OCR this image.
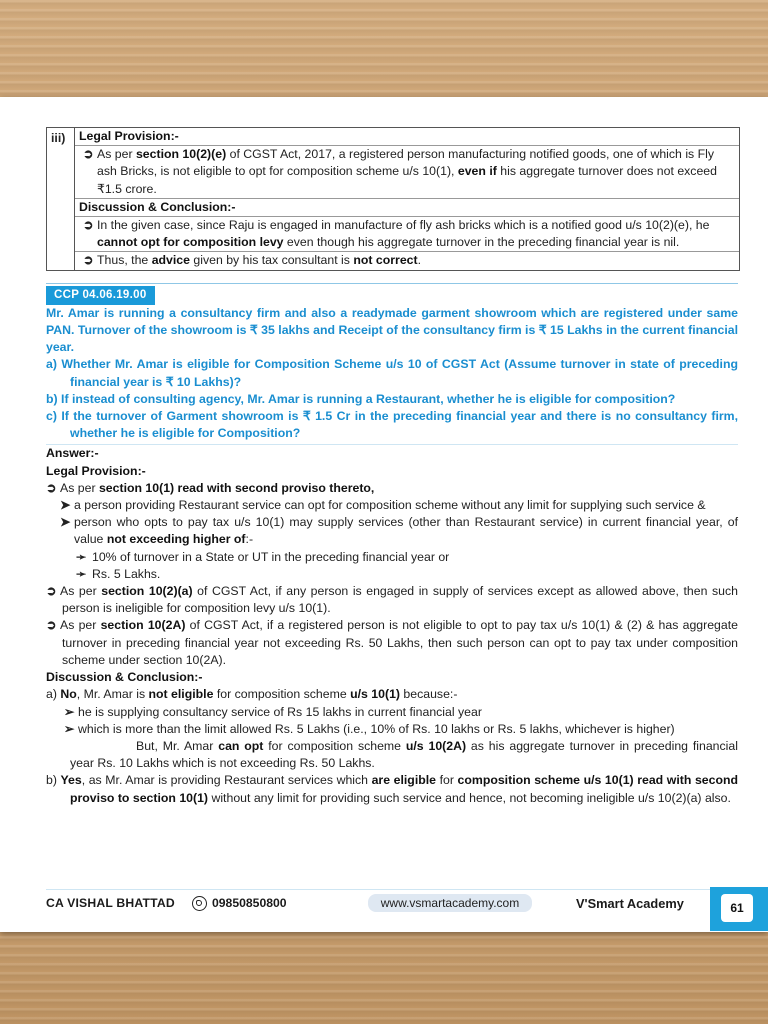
iii)	Legal Provision:-
➲ As per section 10(2)(e) of CGST Act, 2017, a registered person manufacturing notified goods, one of which is Fly ash Bricks, is not eligible to opt for composition scheme u/s 10(1), even if his aggregate turnover does not exceed ₹1.5 crore.
Discussion & Conclusion:-
➲ In the given case, since Raju is engaged in manufacture of fly ash bricks which is a notified good u/s 10(2)(e), he cannot opt for composition levy even though his aggregate turnover in the preceding financial year is nil.
➲ Thus, the advice given by his tax consultant is not correct.
CCP 04.06.19.00
Mr. Amar is running a consultancy firm and also a readymade garment showroom which are registered under same PAN. Turnover of the showroom is ₹ 35 lakhs and Receipt of the consultancy firm is ₹ 15 Lakhs in the current financial year.
a) Whether Mr. Amar is eligible for Composition Scheme u/s 10 of CGST Act (Assume turnover in state of preceding financial year is ₹ 10 Lakhs)?
b) If instead of consulting agency, Mr. Amar is running a Restaurant, whether he is eligible for composition?
c) If the turnover of Garment showroom is ₹ 1.5 Cr in the preceding financial year and there is no consultancy firm, whether he is eligible for Composition?
Answer:-
Legal Provision:-
➲ As per section 10(1) read with second proviso thereto,
➤ a person providing Restaurant service can opt for composition scheme without any limit for supplying such service &
➤ person who opts to pay tax u/s 10(1) may supply services (other than Restaurant service) in current financial year, of value not exceeding higher of:-
➛ 10% of turnover in a State or UT in the preceding financial year or
➛ Rs. 5 Lakhs.
➲ As per section 10(2)(a) of CGST Act, if any person is engaged in supply of services except as allowed above, then such person is ineligible for composition levy u/s 10(1).
➲ As per section 10(2A) of CGST Act, if a registered person is not eligible to opt to pay tax u/s 10(1) & (2) & has aggregate turnover in preceding financial year not exceeding Rs. 50 Lakhs, then such person can opt to pay tax under composition scheme under section 10(2A).
Discussion & Conclusion:-
a) No, Mr. Amar is not eligible for composition scheme u/s 10(1) because:-
➢ he is supplying consultancy service of Rs 15 lakhs in current financial year
➢ which is more than the limit allowed Rs. 5 Lakhs (i.e., 10% of Rs. 10 lakhs or Rs. 5 lakhs, whichever is higher)
But, Mr. Amar can opt for composition scheme u/s 10(2A) as his aggregate turnover in preceding financial year Rs. 10 Lakhs which is not exceeding Rs. 50 Lakhs.
b) Yes, as Mr. Amar is providing Restaurant services which are eligible for composition scheme u/s 10(1) read with second proviso to section 10(1) without any limit for providing such service and hence, not becoming ineligible u/s 10(2)(a) also.
CA VISHAL BHATTAD	09850850800	www.vsmartacademy.com	V'Smart Academy	61
